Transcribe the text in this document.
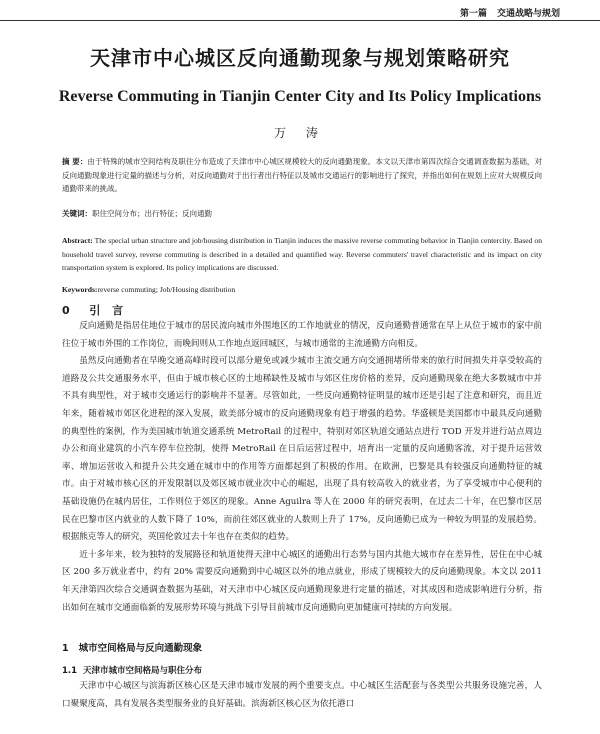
第一篇 交通战略与规划
天津市中心城区反向通勤现象与规划策略研究
Reverse Commuting in Tianjin Center City and Its Policy Implications
万 涛
摘 要：由于特殊的城市空间结构及职住分布造成了天津市中心城区规模较大的反向通勤现象。本文以天津市第四次综合交通调查数据为基础，对反向通勤现象进行定量的描述与分析，对反向通勤对于出行者出行特征以及城市交通运行的影响进行了探究，并指出如何在规划上应对大规模反向通勤带来的挑战。
关键词：职住空间分布；出行特征；反向通勤
Abstract: The special urban structure and job/housing distribution in Tianjin induces the massive reverse commuting behavior in Tianjin centercity. Based on household travel survey, reverse commuting is described in a detailed and quantified way. Reverse commuters' travel characteristic and its impact on city transportation system is explored. Its policy implications are discussed.
Keywords:reverse commuting; Job/Housing distribution
0 引 言

反向通勤是指居住地位于城市的居民流向城市外围地区的工作地就业的情况，反向通勤普通常在早上从位于城市的家中前往位于城市外围的工作岗位，而晚间则从工作地点返回城区，与城市通常的主流通勤方向相反。

虽然反向通勤者在早晚交通高峰时段可以部分避免或减少城市主流交通方向交通拥堵所带来的旅行时间损失并享受较高的道路及公共交通服务水平，但由于城市核心区的土地稀缺性及城市与郊区住房价格的差异，反向通勤现象在绝大多数城市中并不具有典型性，对于城市交通运行的影响并不显著。尽管如此，一些反向通勤特征明显的城市还是引起了注意和研究，而且近年来，随着城市郊区化进程的深入发展，欧美部分城市的反向通勤现象有趋于增强的趋势。华盛顿是美国都市中最具反向通勤的典型性的案例，作为美国城市轨道交通系统 MetroRail 的过程中，特别对郊区轨道交通站点进行 TOD 开发并进行站点周边办公和商业建筑的小汽车停车位控制，使得 MetroRail 在日后运营过程中，培育出一定量的反向通勤客流，对于提升运营效率、增加运营收入和提升公共交通在城市中的作用等方面都起到了积极的作用。在欧洲，巴黎是具有较强反向通勤特征的城市。由于对城市核心区的开发限制以及郊区城市就业次中心的崛起，出现了具有较高收入的就业者，为了享受城市中心便利的基础设施仍在城内居住，工作则位于郊区的现象。Anne Aguilra 等人在 2000 年的研究表明，在过去二十年，在巴黎市区居民在巴黎市区内就业的人数下降了 10%，而前往郊区就业的人数则上升了 17%，反向通勤已成为一种较为明显的发展趋势。根据熊克等人的研究，英国伦敦过去十年也存在类似的趋势。

近十多年来，较为独特的发展路径和轨道使得天津中心城区的通勤出行态势与国内其他大城市存在差异性，居住在中心城区 200 多万就业者中，约有 20% 需要反向通勤到中心城区以外的地点就业，形成了规模较大的反向通勤现象。本文以 2011 年天津第四次综合交通调查数据为基础，对天津市中心城区反向通勤现象进行定量的描述，对其成因和造成影响进行分析，指出如何在城市交通面临新的发展形势环境与挑战下引导目前城市反向通勤向更加健康可持续的方向发展。

1 城市空间格局与反向通勤现象
1.1 天津市城市空间格局与职住分布

天津市中心城区与滨海新区核心区是天津市城市发展的两个重要支点。中心城区生活配套与各类型公共服务设施完善，人口聚聚度高，具有发展各类型服务业的良好基础。滨海新区核心区为依托港口
